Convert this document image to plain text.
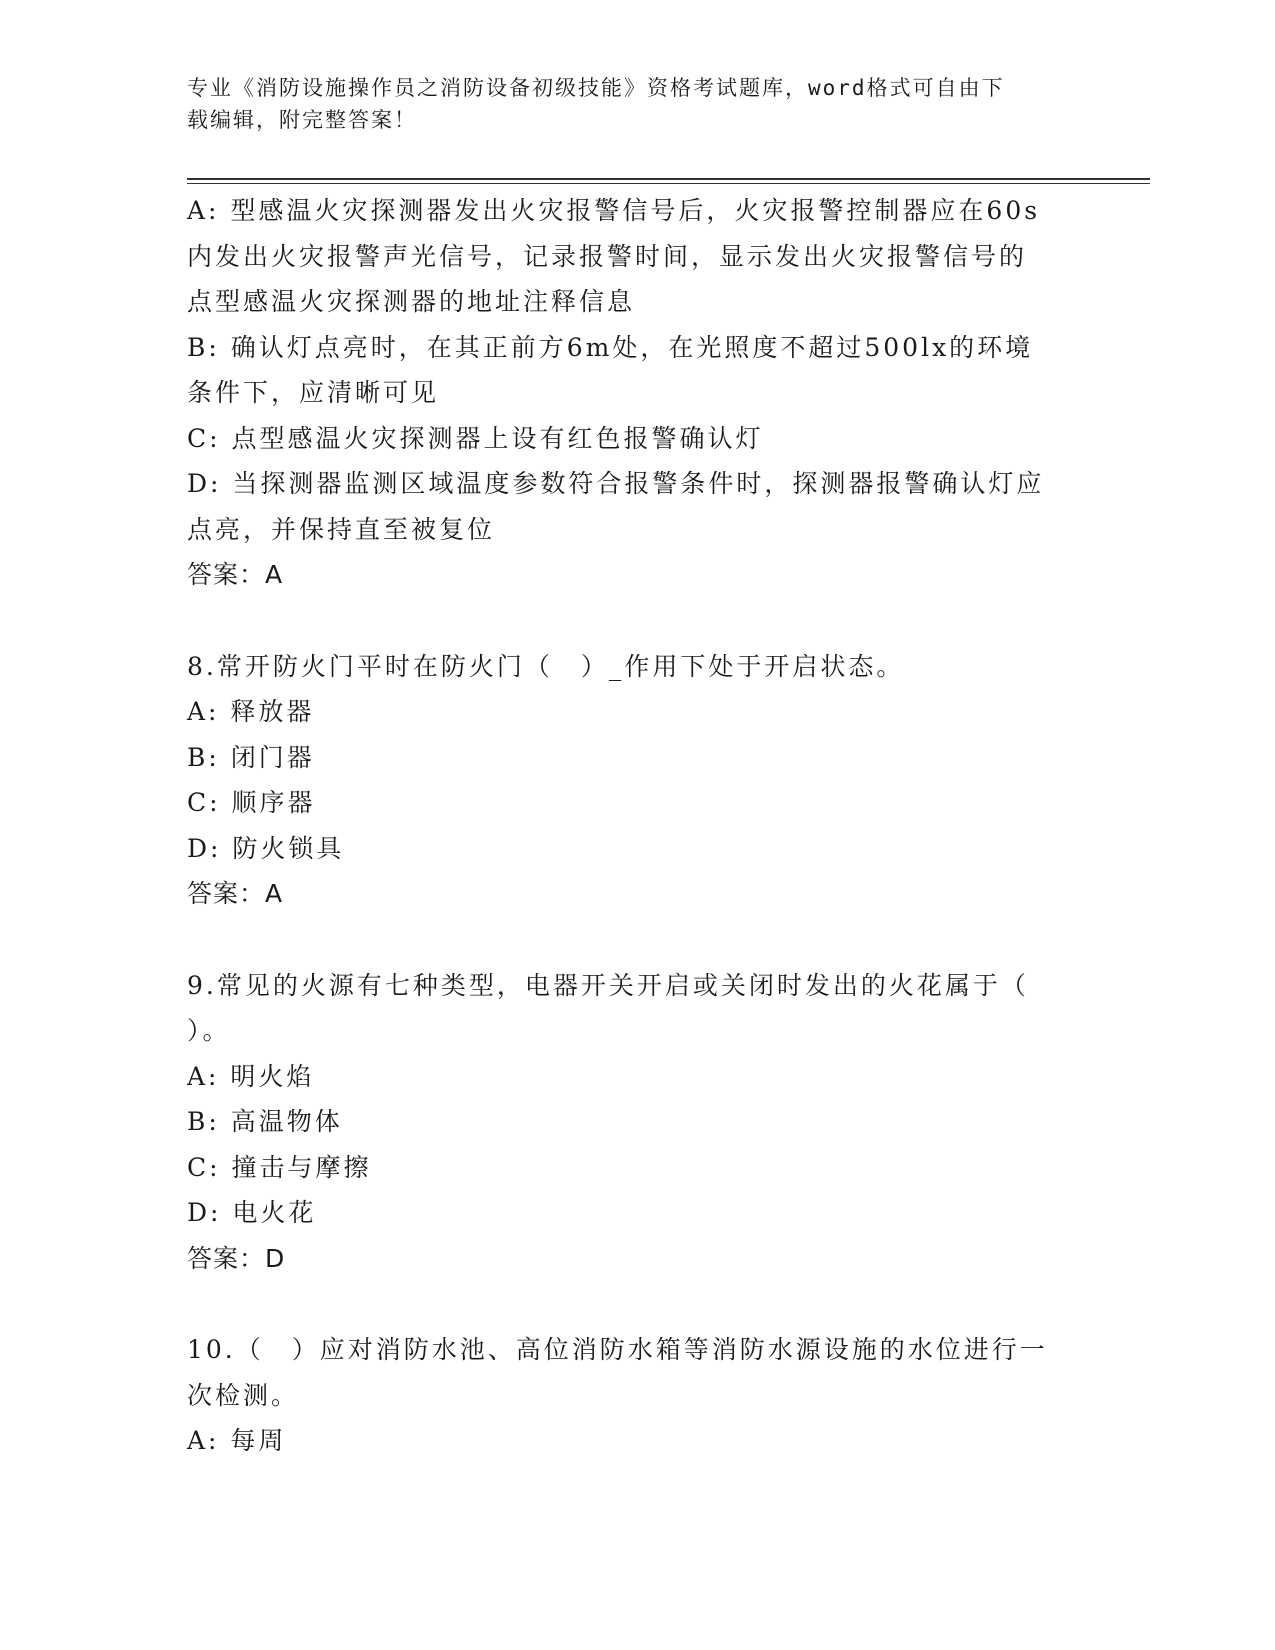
专业《消防设施操作员之消防设备初级技能》资格考试题库，word格式可自由下
载编辑，附完整答案！
A: 型感温火灾探测器发出火灾报警信号后，火灾报警控制器应在60s
内发出火灾报警声光信号，记录报警时间，显示发出火灾报警信号的
点型感温火灾探测器的地址注释信息
B: 确认灯点亮时，在其正前方6m处，在光照度不超过500lx的环境
条件下，应清晰可见
C: 点型感温火灾探测器上设有红色报警确认灯
D: 当探测器监测区域温度参数符合报警条件时，探测器报警确认灯应
点亮，并保持直至被复位
答案：A
8.常开防火门平时在防火门（　）_作用下处于开启状态。
A: 释放器
B: 闭门器
C: 顺序器
D: 防火锁具
答案：A
9.常见的火源有七种类型，电器开关开启或关闭时发出的火花属于（
）。
A: 明火焰
B: 高温物体
C: 撞击与摩擦
D: 电火花
答案：D
10.（　）应对消防水池、高位消防水箱等消防水源设施的水位进行一
次检测。
A: 每周
